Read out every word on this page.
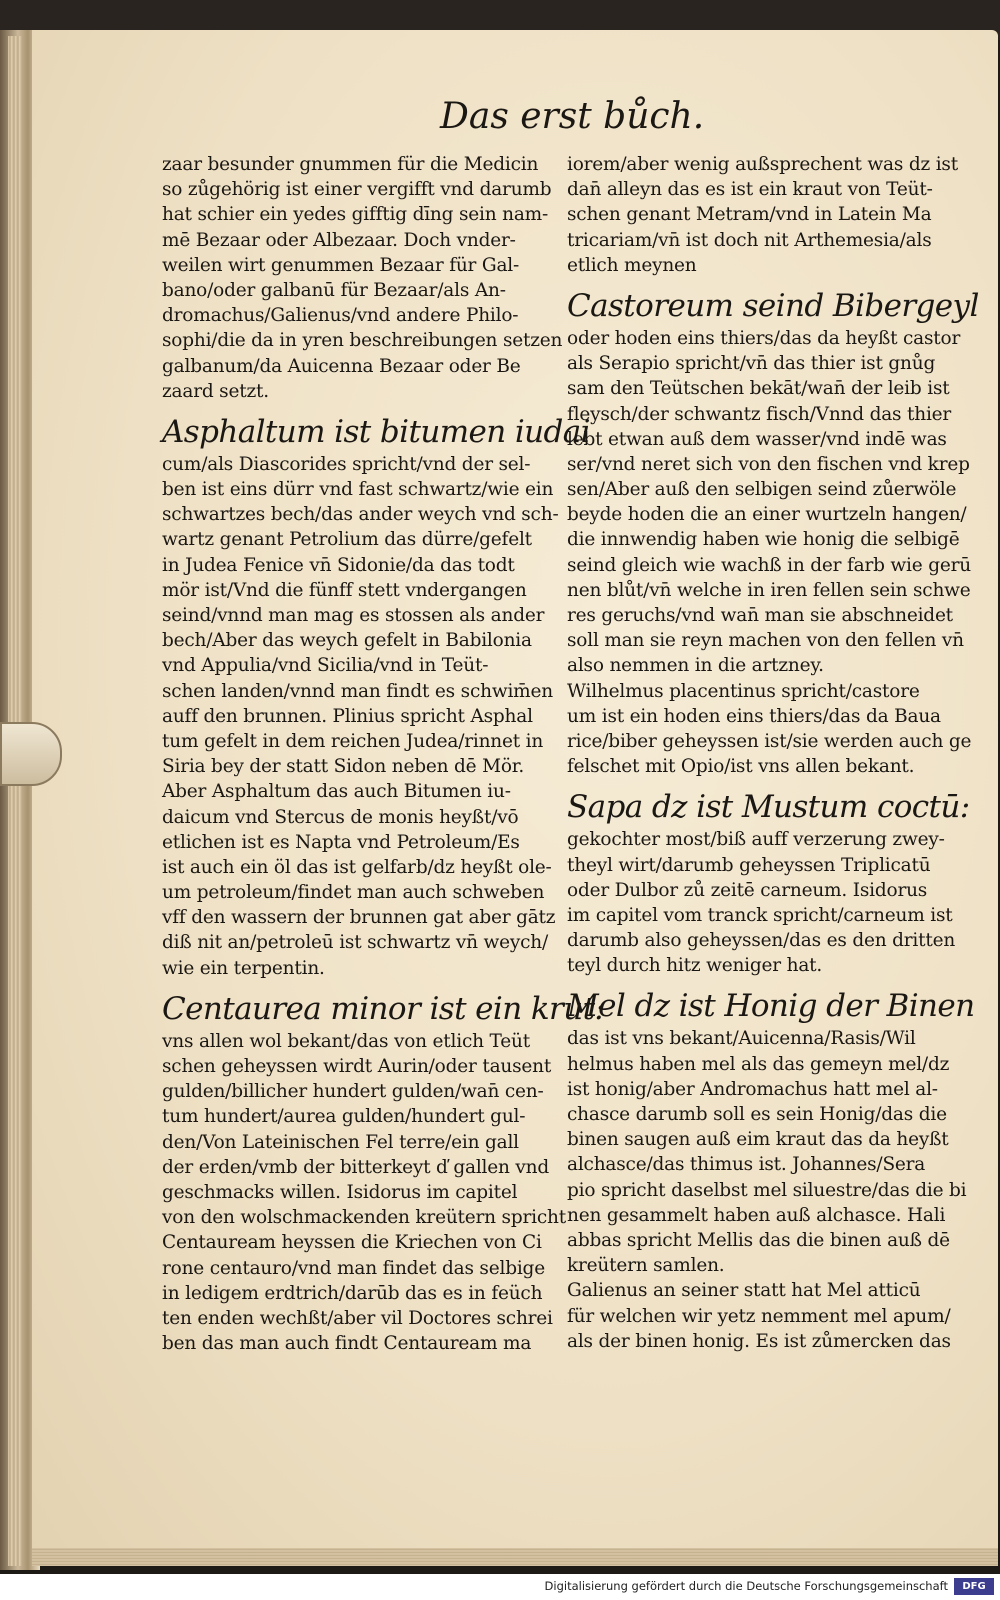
Das erst bůch.
zaar besunder gnummen für die Medicin
so zůgehörig ist einer vergifft vnd darumb
hat schier ein yedes gifftig dīng sein nam-
mē Bezaar oder Albezaar. Doch vnder-
weilen wirt genummen Bezaar für Gal-
bano/oder galbanū für Bezaar/als An-
dromachus/Galienus/vnd andere Philo-
sophi/die da in yren beschreibungen setzen
galbanum/da Auicenna Bezaar oder Be
zaard setzt.
Asphaltum ist bitumen iudai
cum/als Diascorides spricht/vnd der sel-
ben ist eins dürr vnd fast schwartz/wie ein
schwartzes bech/das ander weych vnd sch-
wartz genant Petrolium das dürre/gefelt
in Judea Fenice vn̄ Sidonie/da das todt
mör ist/Vnd die fünff stett vndergangen
seind/vnnd man mag es stossen als ander
bech/Aber das weych gefelt in Babilonia
vnd Appulia/vnd Sicilia/vnd in Teüt-
schen landen/vnnd man findt es schwim̄en
auff den brunnen. Plinius spricht Asphal
tum gefelt in dem reichen Judea/rinnet in
Siria bey der statt Sidon neben dē Mör.
Aber Asphaltum das auch Bitumen iu-
daicum vnd Stercus de monis heyßt/vō
etlichen ist es Napta vnd Petroleum/Es
ist auch ein öl das ist gelfarb/dz heyßt ole-
um petroleum/findet man auch schweben
vff den wassern der brunnen gat aber gātz
diß nit an/petroleū ist schwartz vn̄ weych/
wie ein terpentin.
Centaurea minor ist ein krut:
vns allen wol bekant/das von etlich Teüt
schen geheyssen wirdt Aurin/oder tausent
gulden/billicher hundert gulden/wan̄ cen-
tum hundert/aurea gulden/hundert gul-
den/Von Lateinischen Fel terre/ein gall
der erden/vmb der bitterkeyt ď gallen vnd
geschmacks willen. Isidorus im capitel
von den wolschmackenden kreütern spricht
Centauream heyssen die Kriechen von Ci
rone centauro/vnd man findet das selbige
in ledigem erdtrich/darūb das es in feüch
ten enden wechßt/aber vil Doctores schrei
ben das man auch findt Centauream ma
iorem/aber wenig außsprechent was dz ist
dan̄ alleyn das es ist ein kraut von Teüt-
schen genant Metram/vnd in Latein Ma
tricariam/vn̄ ist doch nit Arthemesia/als
etlich meynen
Castoreum seind Bibergeyl
oder hoden eins thiers/das da heyßt castor
als Serapio spricht/vn̄ das thier ist gnůg
sam den Teütschen bekāt/wan̄ der leib ist
fleysch/der schwantz fisch/Vnnd das thier
lebt etwan auß dem wasser/vnd indē was
ser/vnd neret sich von den fischen vnd krep
sen/Aber auß den selbigen seind zůerwöle
beyde hoden die an einer wurtzeln hangen/
die innwendig haben wie honig die selbigē
seind gleich wie wachß in der farb wie gerū
nen blůt/vn̄ welche in iren fellen sein schwe
res geruchs/vnd wan̄ man sie abschneidet
soll man sie reyn machen von den fellen vn̄
also nemmen in die artzney.
Wilhelmus placentinus spricht/castore
um ist ein hoden eins thiers/das da Baua
rice/biber geheyssen ist/sie werden auch ge
felschet mit Opio/ist vns allen bekant.
Sapa dz ist Mustum coctū:
gekochter most/biß auff verzerung zwey-
theyl wirt/darumb geheyssen Triplicatū
oder Dulbor zů zeitē carneum. Isidorus
im capitel vom tranck spricht/carneum ist
darumb also geheyssen/das es den dritten
teyl durch hitz weniger hat.
Mel dz ist Honig der Binen
das ist vns bekant/Auicenna/Rasis/Wil
helmus haben mel als das gemeyn mel/dz
ist honig/aber Andromachus hatt mel al-
chasce darumb soll es sein Honig/das die
binen saugen auß eim kraut das da heyßt
alchasce/das thimus ist. Johannes/Sera
pio spricht daselbst mel siluestre/das die bi
nen gesammelt haben auß alchasce. Hali
abbas spricht Mellis das die binen auß dē
kreütern samlen.
Galienus an seiner statt hat Mel atticū
für welchen wir yetz nemment mel apum/
als der binen honig. Es ist zůmercken das
Digitalisierung gefördert durch die Deutsche Forschungsgemeinschaft	DFG
